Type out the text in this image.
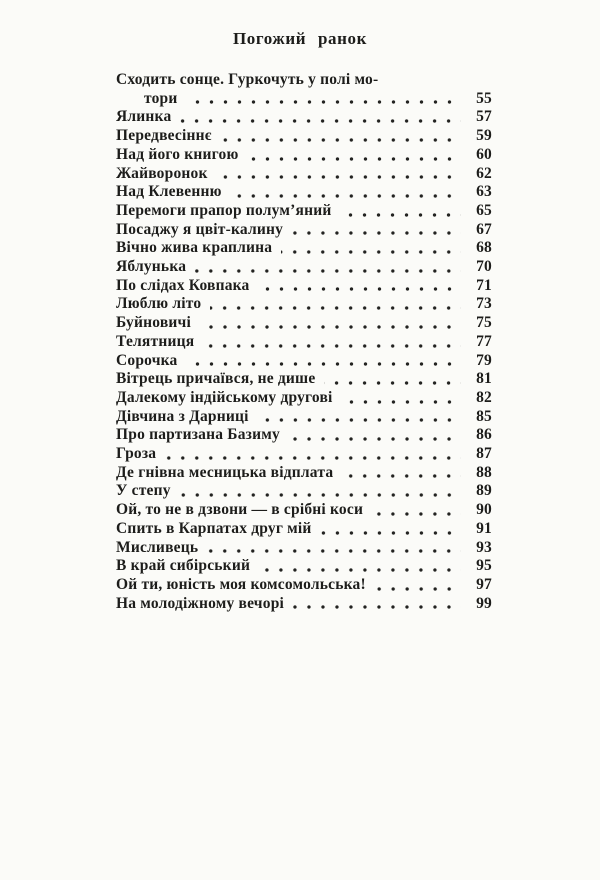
Погожий ранок
Сходить сонце. Гуркочуть у полі мо-
тори	55
Ялинка	57
Передвесіннє	59
Над його книгою	60
Жайворонок	62
Над Клевенню	63
Перемоги прапор полум’яний	65
Посаджу я цвіт-калину	67
Вічно жива краплина	68
Яблунька	70
По слідах Ковпака	71
Люблю літо	73
Буйновичі	75
Телятниця	77
Сорочка	79
Вітрець причаївся, не дише	81
Далекому індійському другові	82
Дівчина з Дарниці	85
Про партизана Базиму	86
Гроза	87
Де гнівна месницька відплата	88
У степу	89
Ой, то не в дзвони — в срібні коси	90
Спить в Карпатах друг мій	91
Мисливець	93
В край сибірський	95
Ой ти, юність моя комсомольська!	97
На молодіжному вечорі	99
